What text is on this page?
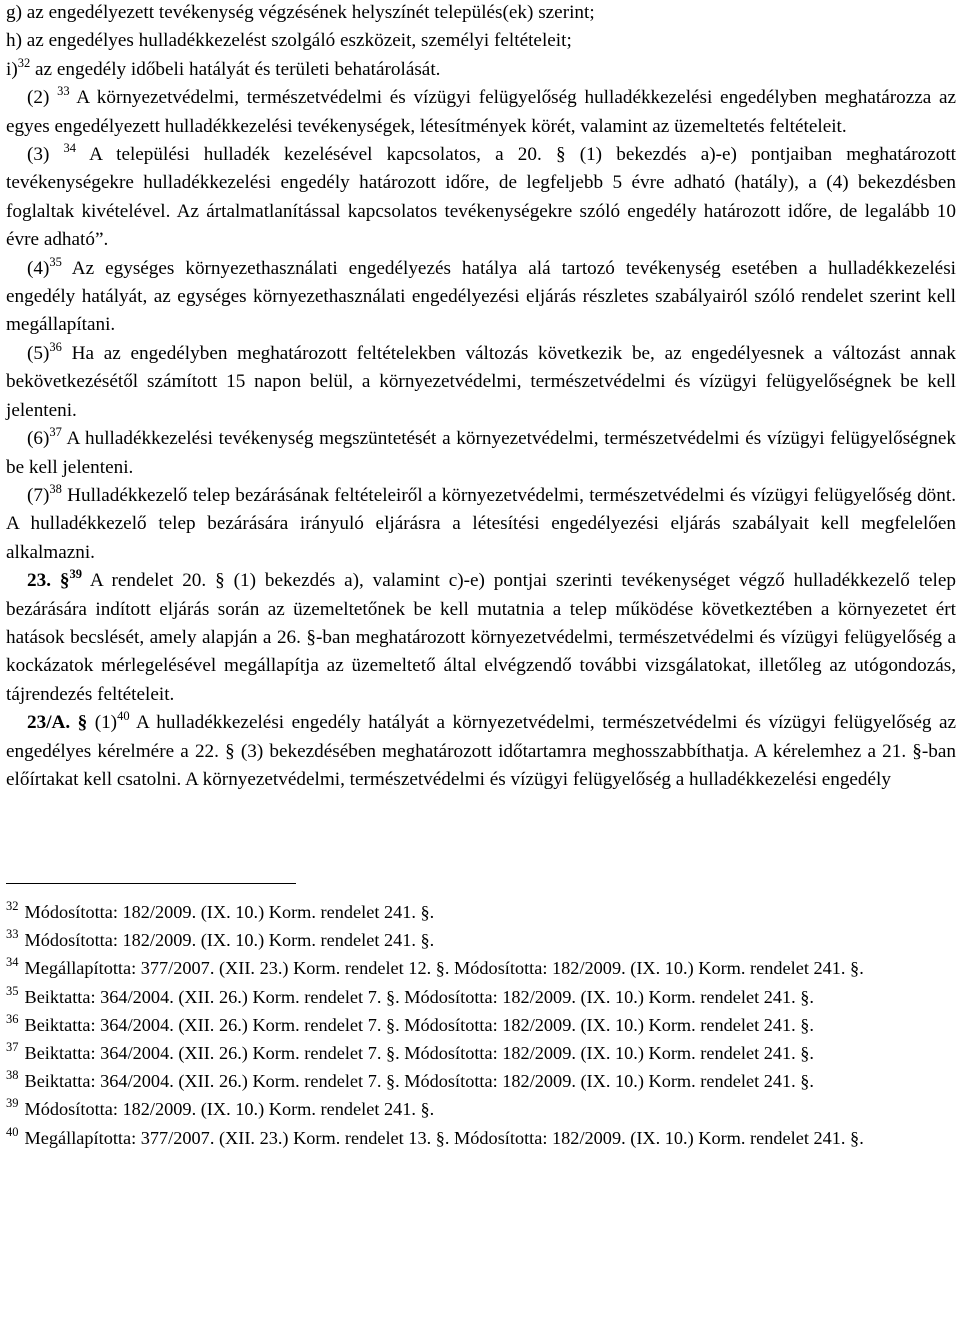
g) az engedélyezett tevékenység végzésének helyszínét település(ek) szerint;

h) az engedélyes hulladékkezelést szolgáló eszközeit, személyi feltételeit;

i)$^{32}$ az engedély időbeli hatályát és területi behatárolását.

(2) $^{33}$ A környezetvédelmi, természetvédelmi és vízügyi felügyelőség hulladékkezelési engedélyben meghatározza az egyes engedélyezett hulladékkezelési tevékenységek, létesítmények körét, valamint az üzemeltetés feltételeit.

(3) $^{34}$ A települési hulladék kezelésével kapcsolatos, a 20. § (1) bekezdés a)-e) pontjaiban meghatározott tevékenységekre hulladékkezelési engedély határozott időre, de legfeljebb 5 évre adható (hatály), a (4) bekezdésben foglaltak kivételével. Az ártalmatlanítással kapcsolatos tevékenységekre szóló engedély határozott időre, de legalább 10 évre adható”.

$(4)^{35}$ Az egységes környezethasználati engedélyezés hatálya alá tartozó tevékenység esetében a hulladékkezelési engedély hatályát, az egységes környezethasználati engedélyezési eljárás részletes szabályairól szóló rendelet szerint kell megállapítani.

$(5)^{36}$ Ha az engedélyben meghatározott feltételekben változás következik be, az engedélyesnek a változást annak bekövetkezésétől számított 15 napon belül, a környezetvédelmi, természetvédelmi és vízügyi felügyelőségnek be kell jelenteni.

$(6)^{37}$ A hulladékkezelési tevékenység megszüntetését a környezetvédelmi, természetvédelmi és vízügyi felügyelőségnek be kell jelenteni.

$(7)^{38}$ Hulladékkezelő telep bezárásának feltételeiről a környezetvédelmi, természetvédelmi és vízügyi felügyelőség dönt. A hulladékkezelő telep bezárására irányuló eljárásra a létesítési engedélyezési eljárás szabályait kell megfelelően alkalmazni.

23. §$^{39}$ A rendelet 20. § (1) bekezdés a), valamint c)-e) pontjai szerinti tevékenységet végző hulladékkezelő telep bezárására indított eljárás során az üzemeltetőnek be kell mutatnia a telep működése következtében a környezetet ért hatások becslését, amely alapján a 26. §-ban meghatározott környezetvédelmi, természetvédelmi és vízügyi felügyelőség a kockázatok mérlegelésével megállapítja az üzemeltető által elvégzendő további vizsgálatokat, illetőleg az utógondozás, tájrendezés feltételeit.

23/A. § $(1)^{40}$ A hulladékkezelési engedély hatályát a környezetvédelmi, természetvédelmi és vízügyi felügyelőség az engedélyes kérelmére a 22. § (3) bekezdésében meghatározott időtartamra meghosszabbíthatja. A kérelemhez a 21. §-ban előírtakat kell csatolni. A környezetvédelmi, természetvédelmi és vízügyi felügyelőség a hulladékkezelési engedély

$^{32}$ Módosította: 182/2009. (IX. 10.) Korm. rendelet 241. §.

$^{33}$ Módosította: 182/2009. (IX. 10.) Korm. rendelet 241. §.

$^{34}$ Megállapította: 377/2007. (XII. 23.) Korm. rendelet 12. §. Módosította: 182/2009. (IX. 10.) Korm. rendelet 241. §.

$^{35}$ Beiktatta: 364/2004. (XII. 26.) Korm. rendelet 7. §. Módosította: 182/2009. (IX. 10.) Korm. rendelet 241. §.

$^{36}$ Beiktatta: 364/2004. (XII. 26.) Korm. rendelet 7. §. Módosította: 182/2009. (IX. 10.) Korm. rendelet 241. §.

$^{37}$ Beiktatta: 364/2004. (XII. 26.) Korm. rendelet 7. §. Módosította: 182/2009. (IX. 10.) Korm. rendelet 241. §.

$^{38}$ Beiktatta: 364/2004. (XII. 26.) Korm. rendelet 7. §. Módosította: 182/2009. (IX. 10.) Korm. rendelet 241. §.

$^{39}$ Módosította: 182/2009. (IX. 10.) Korm. rendelet 241. §.

$^{40}$ Megállapította: 377/2007. (XII. 23.) Korm. rendelet 13. §. Módosította: 182/2009. (IX. 10.) Korm. rendelet 241. §.
